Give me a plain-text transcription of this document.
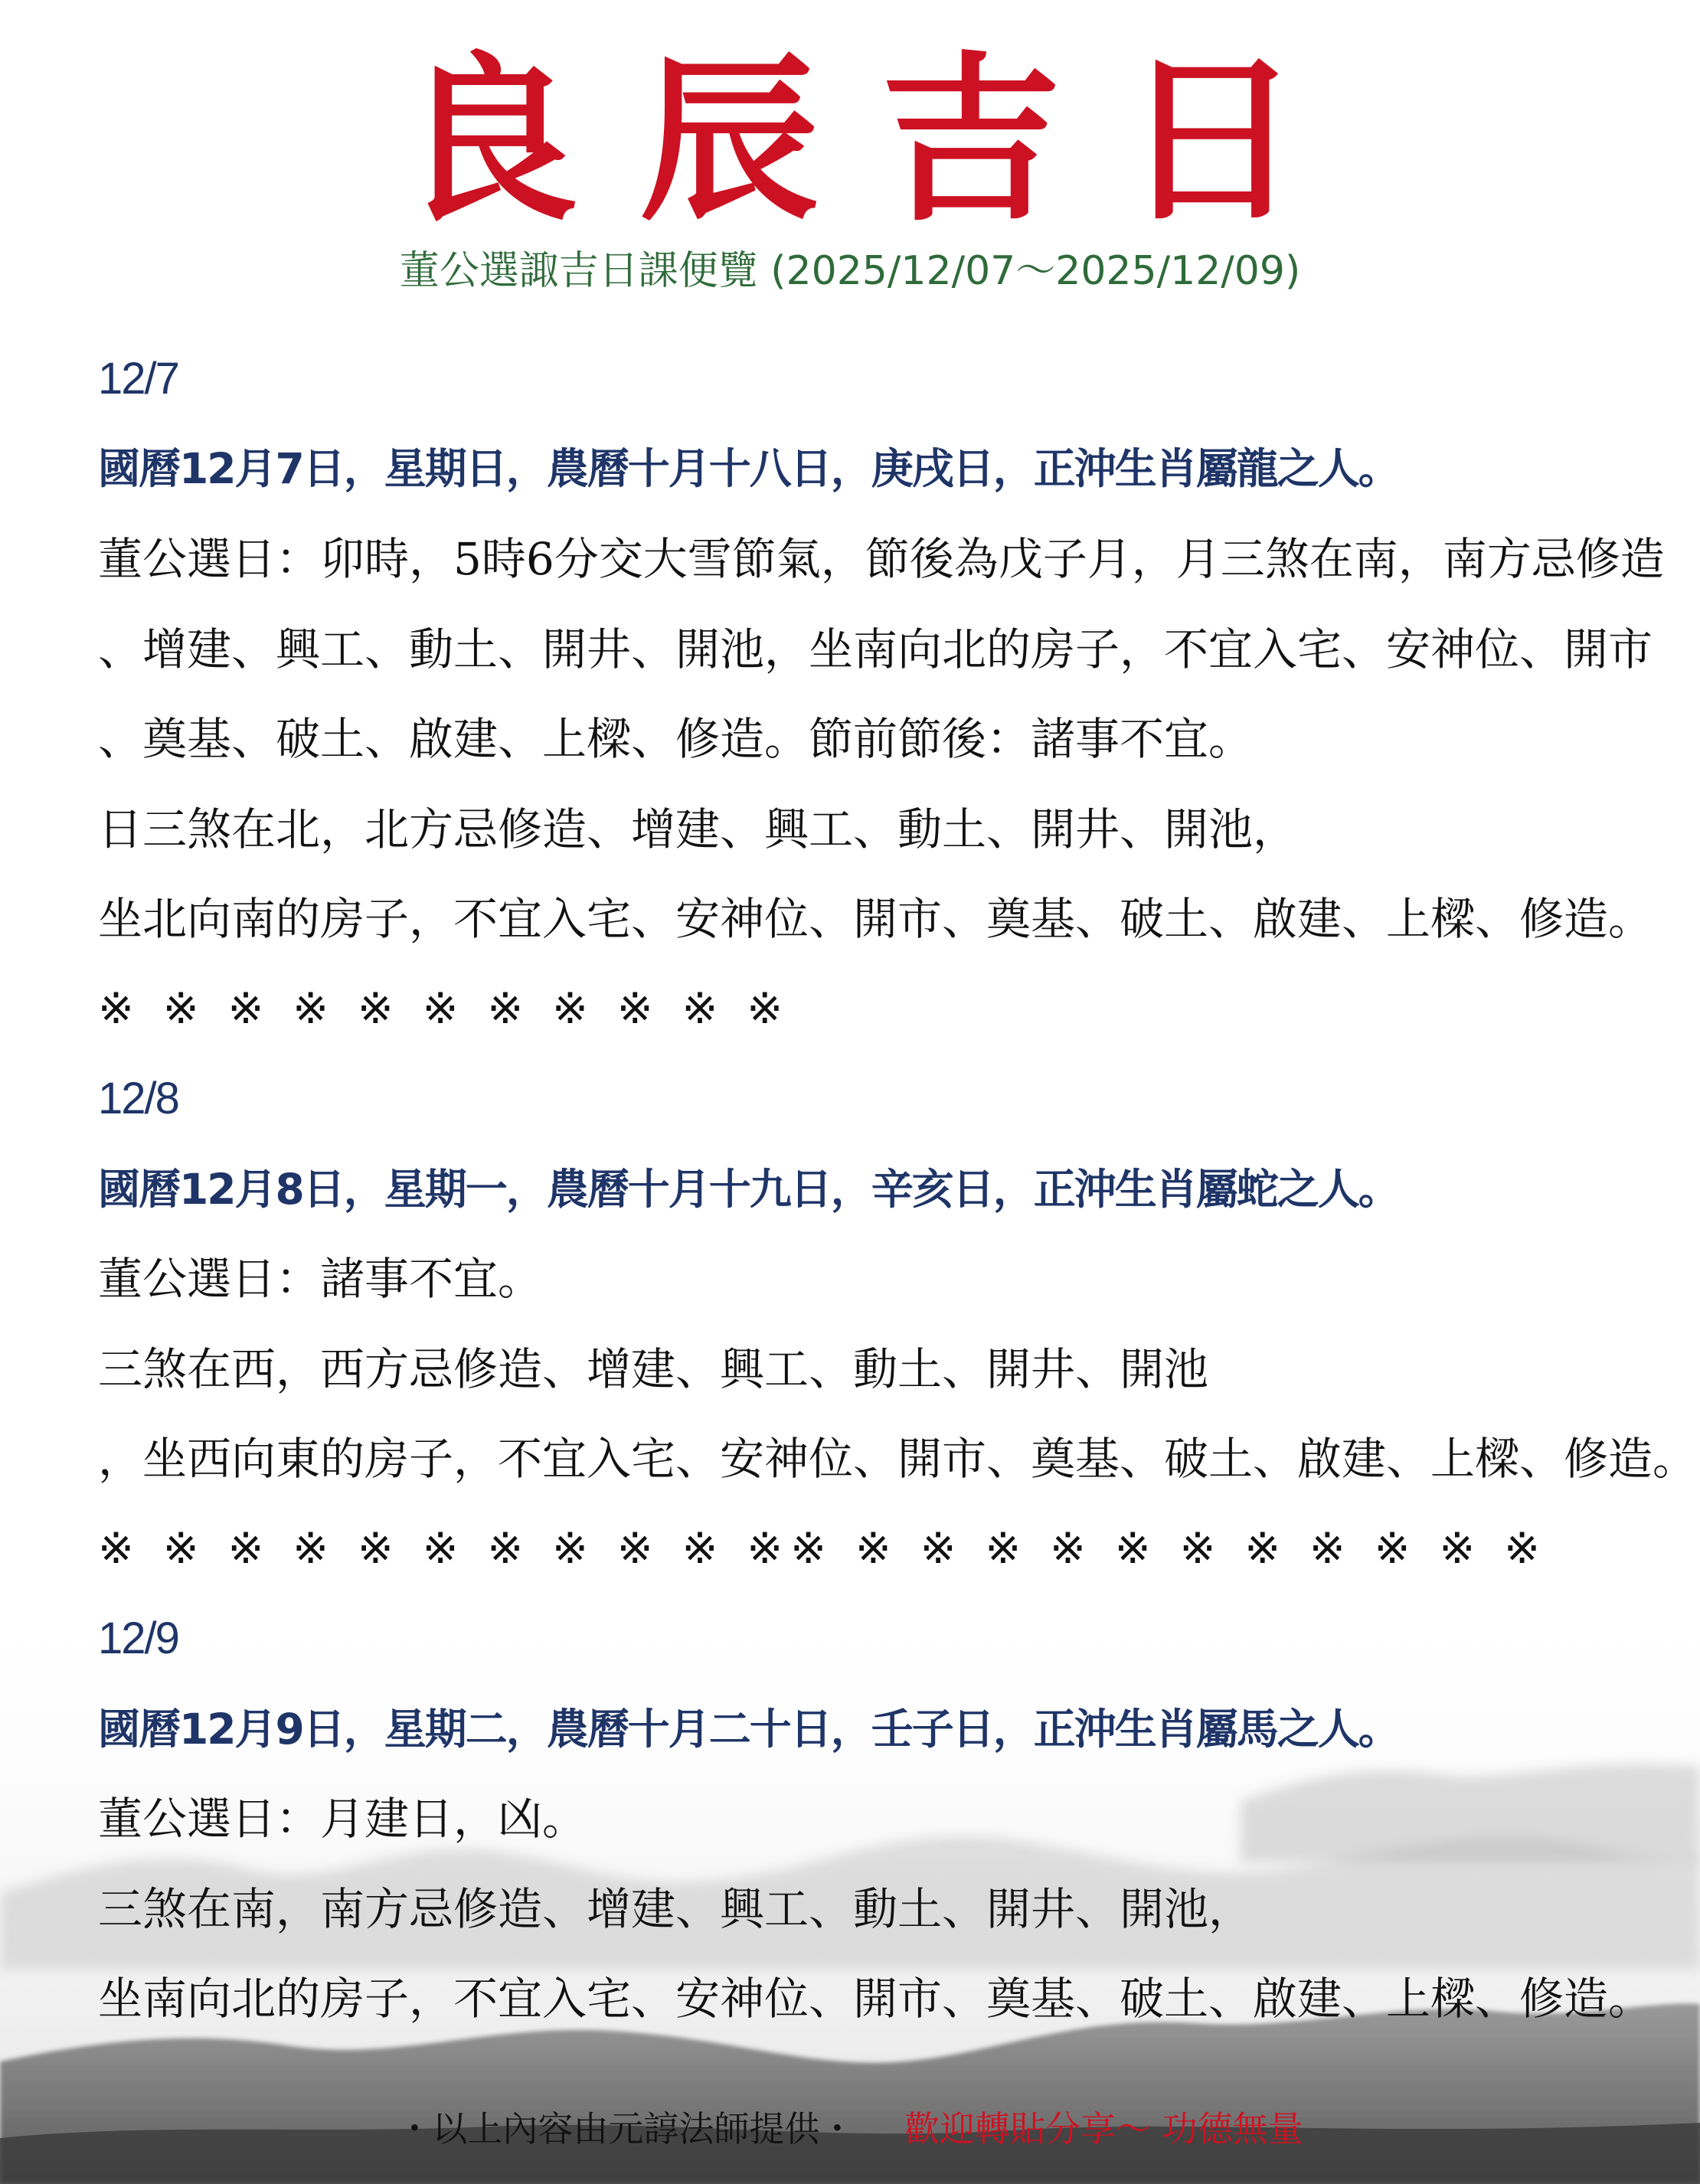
良辰吉日
董公選諏吉日課便覽 (2025/12/07～2025/12/09)
12/7
國曆12月7日，星期日，農曆十月十八日，庚戌日，正沖生肖屬龍之人。
董公選日：卯時，5時6分交大雪節氣，節後為戊子月，月三煞在南，南方忌修造
、增建、興工、動土、開井、開池，坐南向北的房子，不宜入宅、安神位、開市
、奠基、破土、啟建、上樑、修造。節前節後：諸事不宜。
日三煞在北，北方忌修造、增建、興工、動土、開井、開池，
坐北向南的房子，不宜入宅、安神位、開市、奠基、破土、啟建、上樑、修造。
※ ※ ※ ※ ※ ※ ※ ※ ※ ※ ※
12/8
國曆12月8日，星期一，農曆十月十九日，辛亥日，正沖生肖屬蛇之人。
董公選日：諸事不宜。
三煞在西，西方忌修造、增建、興工、動土、開井、開池
，坐西向東的房子，不宜入宅、安神位、開市、奠基、破土、啟建、上樑、修造。
※ ※ ※ ※ ※ ※ ※ ※ ※ ※ ※※ ※ ※ ※ ※ ※ ※ ※ ※ ※ ※ ※
12/9
國曆12月9日，星期二，農曆十月二十日，壬子日，正沖生肖屬馬之人。
董公選日：月建日，凶。
三煞在南，南方忌修造、增建、興工、動土、開井、開池，
坐南向北的房子，不宜入宅、安神位、開市、奠基、破土、啟建、上樑、修造。
・以上內容由元諄法師提供・ 歡迎轉貼分享～ 功德無量
